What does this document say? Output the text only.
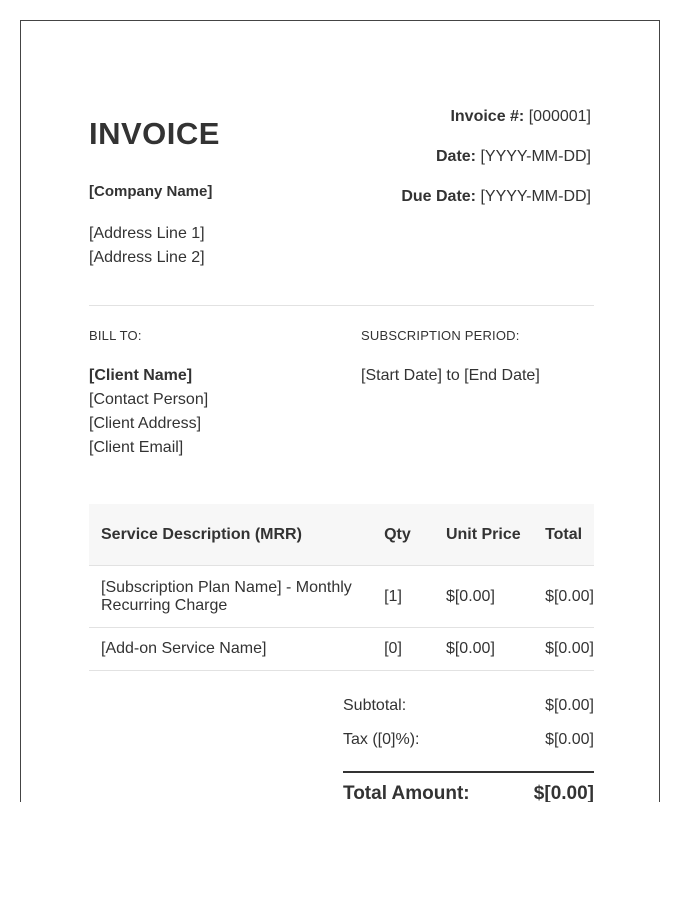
INVOICE
[Company Name]
[Address Line 1]
[Address Line 2]
Invoice #: [000001]
Date: [YYYY-MM-DD]
Due Date: [YYYY-MM-DD]
BILL TO:	SUBSCRIPTION PERIOD:
[Client Name]
[Contact Person]
[Client Address]
[Client Email]
[Start Date] to [End Date]
Service Description (MRR)	Qty	Unit Price	Total
[Subscription Plan Name] - Monthly Recurring Charge	[1]	$[0.00]	$[0.00]
[Add-on Service Name]	[0]	$[0.00]	$[0.00]
Subtotal:	$[0.00]
Tax ([0]%):	$[0.00]
Total Amount:	$[0.00]
